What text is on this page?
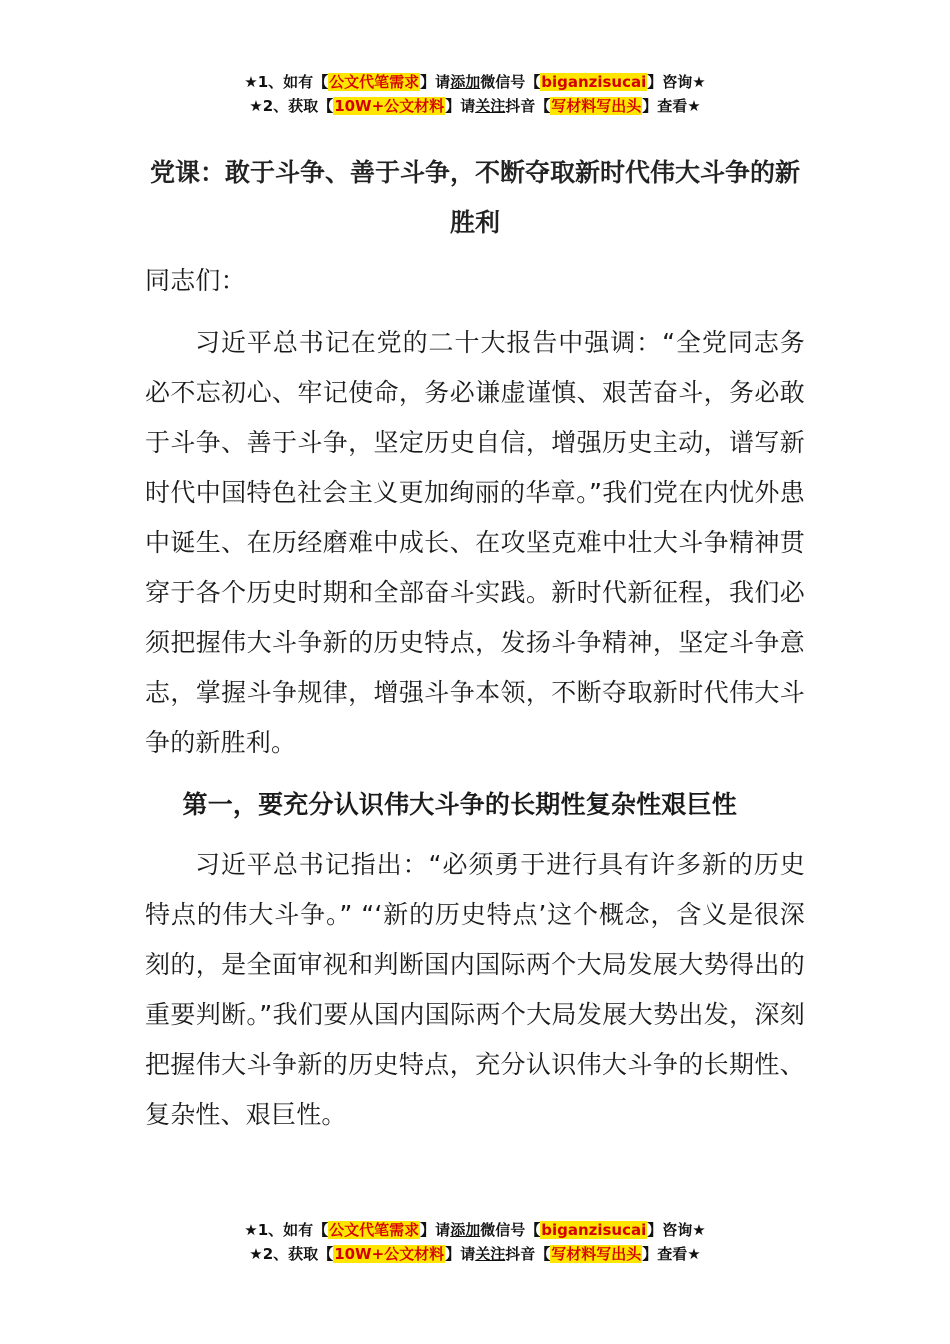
★1、如有【公文代笔需求】请添加微信号【biganzisucai】咨询★
★2、获取【10W+公文材料】请关注抖音【写材料写出头】查看★
党课：敢于斗争、善于斗争，不断夺取新时代伟大斗争的新胜利

同志们：

习近平总书记在党的二十大报告中强调：“全党同志务必不忘初心、牢记使命，务必谦虚谨慎、艰苦奋斗，务必敢于斗争、善于斗争，坚定历史自信，增强历史主动，谱写新时代中国特色社会主义更加绚丽的华章。”我们党在内忧外患中诞生、在历经磨难中成长、在攻坚克难中壮大斗争精神贯穿于各个历史时期和全部奋斗实践。新时代新征程，我们必须把握伟大斗争新的历史特点，发扬斗争精神，坚定斗争意志，掌握斗争规律，增强斗争本领，不断夺取新时代伟大斗争的新胜利。

第一，要充分认识伟大斗争的长期性复杂性艰巨性

习近平总书记指出：“必须勇于进行具有许多新的历史特点的伟大斗争。” “‘新的历史特点’这个概念，含义是很深刻的，是全面审视和判断国内国际两个大局发展大势得出的重要判断。”我们要从国内国际两个大局发展大势出发，深刻把握伟大斗争新的历史特点，充分认识伟大斗争的长期性、复杂性、艰巨性。

★1、如有【公文代笔需求】请添加微信号【biganzisucai】咨询★
★2、获取【10W+公文材料】请关注抖音【写材料写出头】查看★
